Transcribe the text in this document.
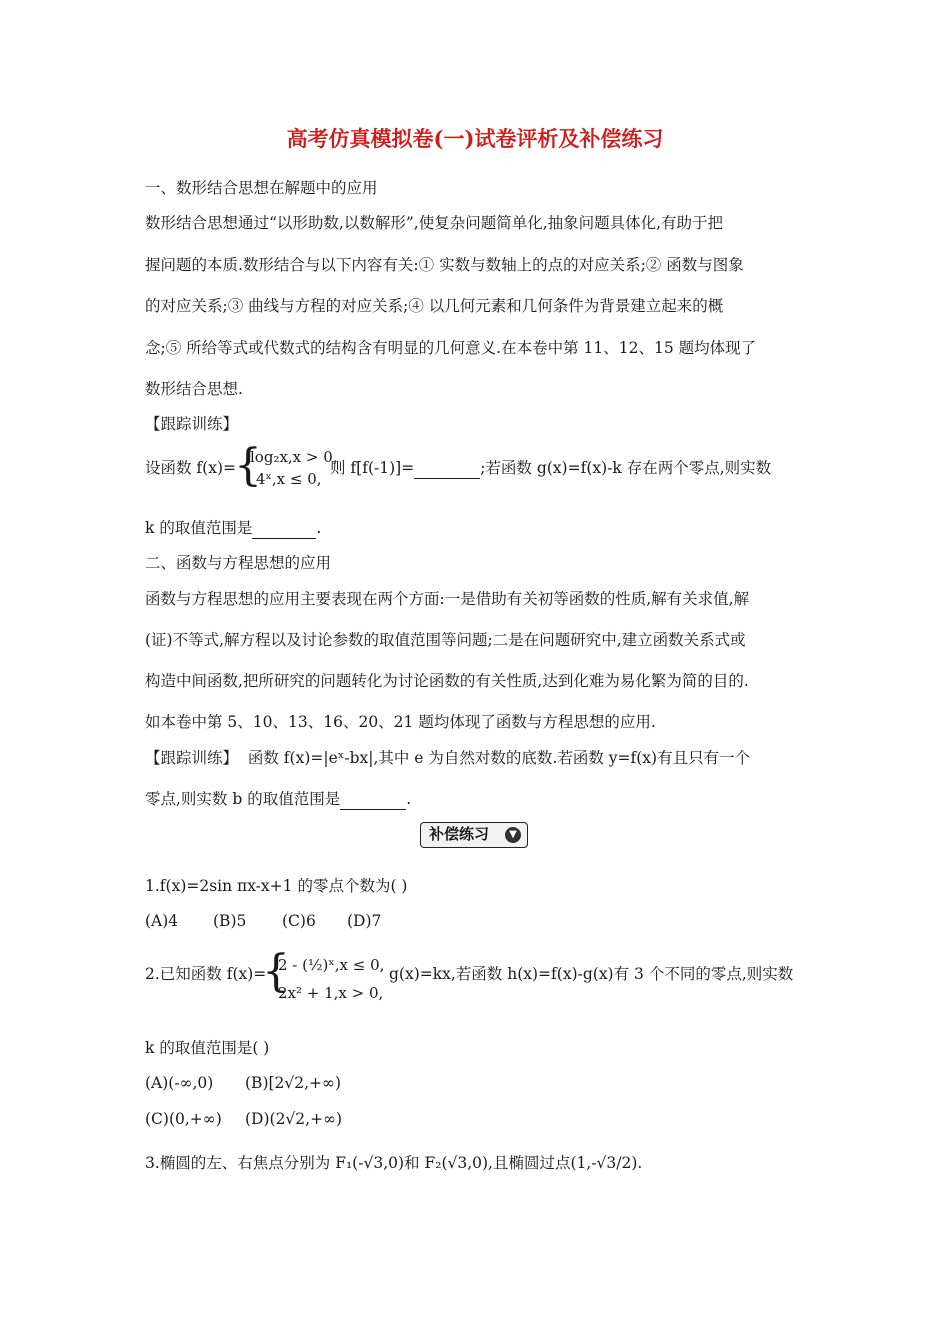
高考仿真模拟卷(一)试卷评析及补偿练习
一、数形结合思想在解题中的应用
数形结合思想通过“以形助数,以数解形”,使复杂问题简单化,抽象问题具体化,有助于把
握问题的本质.数形结合与以下内容有关:① 实数与数轴上的点的对应关系;② 函数与图象
的对应关系;③ 曲线与方程的对应关系;④ 以几何元素和几何条件为背景建立起来的概
念;⑤ 所给等式或代数式的结构含有明显的几何意义.在本卷中第 11、12、15 题均体现了
数形结合思想.
【跟踪训练】
设函数 f(x)=
{
log₂x,x > 0,
4ˣ,x ≤ 0,
则 f[f(-1)]=	;若函数 g(x)=f(x)-k 存在两个零点,则实数
k 的取值范围是	.
二、函数与方程思想的应用
函数与方程思想的应用主要表现在两个方面:一是借助有关初等函数的性质,解有关求值,解
(证)不等式,解方程以及讨论参数的取值范围等问题;二是在问题研究中,建立函数关系式或
构造中间函数,把所研究的问题转化为讨论函数的有关性质,达到化难为易化繁为简的目的.
如本卷中第 5、10、13、16、20、21 题均体现了函数与方程思想的应用.
【跟踪训练】 函数 f(x)=|eˣ-bx|,其中 e 为自然对数的底数.若函数 y=f(x)有且只有一个
零点,则实数 b 的取值范围是	.
补偿练习	▼
1.f(x)=2sin πx-x+1 的零点个数为( )
(A)4 (B)5 (C)6 (D)7
2.已知函数 f(x)=
{
2 - (½)ˣ,x ≤ 0,
2x² + 1,x > 0,
g(x)=kx,若函数 h(x)=f(x)-g(x)有 3 个不同的零点,则实数
k 的取值范围是( )
(A)(-∞,0) (B)[2√2,+∞)
(C)(0,+∞) (D)(2√2,+∞)
3.椭圆的左、右焦点分别为 F₁(-√3,0)和 F₂(√3,0),且椭圆过点(1,-√3/2).
